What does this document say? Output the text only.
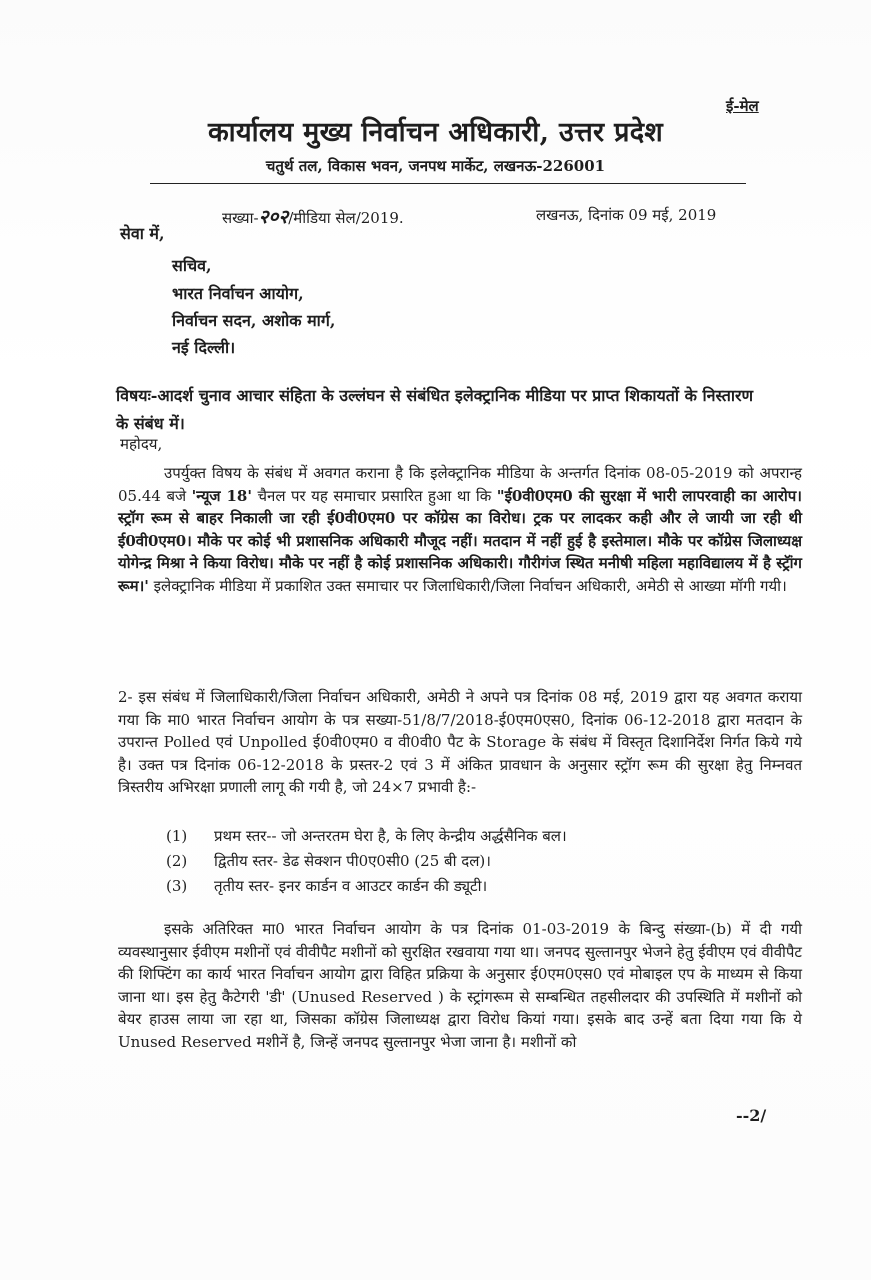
ई-मेल
कार्यालय मुख्य निर्वाचन अधिकारी, उत्तर प्रदेश
चतुर्थ तल, विकास भवन, जनपथ मार्केट, लखनऊ-226001
सख्या-२०२/मीडिया सेल/2019.	लखनऊ, दिनांक 09 मई, 2019
सेवा में,
सचिव,
भारत निर्वाचन आयोग,
निर्वाचन सदन, अशोक मार्ग,
नई दिल्ली।
विषयः-आदर्श चुनाव आचार संहिता के उल्लंघन से संबंधित इलेक्ट्रानिक मीडिया पर प्राप्त शिकायतों के निस्तारण के संबंध में।
महोदय,
उपर्युक्त विषय के संबंध में अवगत कराना है कि इलेक्ट्रानिक मीडिया के अन्तर्गत दिनांक 08-05-2019 को अपरान्ह 05.44 बजे 'न्यूज 18' चैनल पर यह समाचार प्रसारित हुआ था कि "ई0वी0एम0 की सुरक्षा में भारी लापरवाही का आरोप। स्ट्रॉग रूम से बाहर निकाली जा रही ई0वी0एम0 पर कॉग्रेस का विरोध। ट्रक पर लादकर कही और ले जायी जा रही थी ई0वी0एम0। मौके पर कोई भी प्रशासनिक अधिकारी मौजूद नहीं। मतदान में नहीं हुई है इस्तेमाल। मौके पर कॉग्रेस जिलाध्यक्ष योगेन्द्र मिश्रा ने किया विरोध। मौके पर नहीं है कोई प्रशासनिक अधिकारी। गौरीगंज स्थित मनीषी महिला महाविद्यालय में है स्ट्रॅांग रूम।' इलेक्ट्रानिक मीडिया में प्रकाशित उक्त समाचार पर जिलाधिकारी/जिला निर्वाचन अधिकारी, अमेठी से आख्या मॉगी गयी।
2- इस संबंध में जिलाधिकारी/जिला निर्वाचन अधिकारी, अमेठी ने अपने पत्र दिनांक 08 मई, 2019 द्वारा यह अवगत कराया गया कि मा0 भारत निर्वाचन आयोग के पत्र सख्या-51/8/7/2018-ई0एम0एस0, दिनांक 06-12-2018 द्वारा मतदान के उपरान्त Polled एवं Unpolled ई0वी0एम0 व वी0वी0 पैट के Storage के संबंध में विस्तृत दिशानिर्देश निर्गत किये गये है। उक्त पत्र दिनांक 06-12-2018 के प्रस्तर-2 एवं 3 में अंकित प्रावधान के अनुसार स्ट्रॉग रूम की सुरक्षा हेतु निम्नवत त्रिस्तरीय अभिरक्षा प्रणाली लागू की गयी है, जो 24×7 प्रभावी है:-
(1) प्रथम स्तर-- जो अन्तरतम घेरा है, के लिए केन्द्रीय अर्द्धसैनिक बल।
(2) द्वितीय स्तर- डेढ सेक्शन पी0ए0सी0 (25 बी दल)।
(3) तृतीय स्तर- इनर कार्डन व आउटर कार्डन की ड्यूटी।
इसके अतिरिक्त मा0 भारत निर्वाचन आयोग के पत्र दिनांक 01-03-2019 के बिन्दु संख्या-(b) में दी गयी व्यवस्थानुसार ईवीएम मशीनों एवं वीवीपैट मशीनों को सुरक्षित रखवाया गया था। जनपद सुल्तानपुर भेजने हेतु ईवीएम एवं वीवीपैट की शिफ्टिंग का कार्य भारत निर्वाचन आयोग द्वारा विहित प्रक्रिया के अनुसार ई0एम0एस0 एवं मोबाइल एप के माध्यम से किया जाना था। इस हेतु कैटेगरी 'डी' (Unused Reserved ) के स्ट्रांगरूम से सम्बन्धित तहसीलदार की उपस्थिति में मशीनों को बेयर हाउस लाया जा रहा था, जिसका कॉग्रेस जिलाध्यक्ष द्वारा विरोध कियां गया। इसके बाद उन्हें बता दिया गया कि ये Unused Reserved मशीनें है, जिन्हें जनपद सुल्तानपुर भेजा जाना है। मशीनों को
--2/
